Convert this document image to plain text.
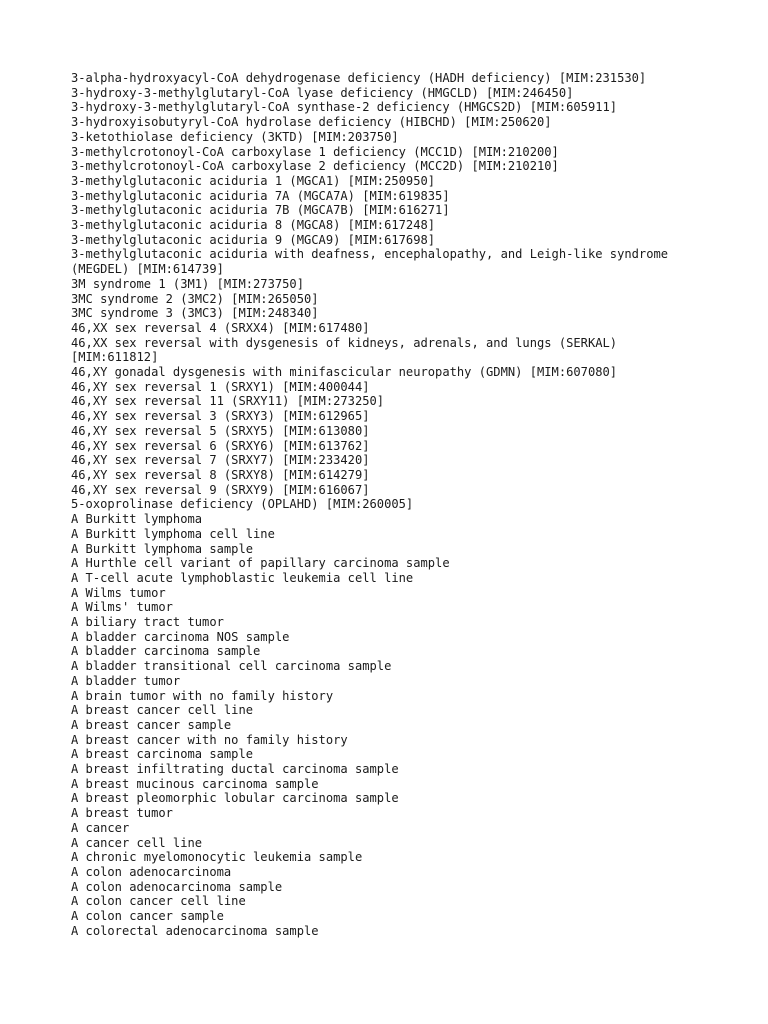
3-alpha-hydroxyacyl-CoA dehydrogenase deficiency (HADH deficiency) [MIM:231530]
3-hydroxy-3-methylglutaryl-CoA lyase deficiency (HMGCLD) [MIM:246450]
3-hydroxy-3-methylglutaryl-CoA synthase-2 deficiency (HMGCS2D) [MIM:605911]
3-hydroxyisobutyryl-CoA hydrolase deficiency (HIBCHD) [MIM:250620]
3-ketothiolase deficiency (3KTD) [MIM:203750]
3-methylcrotonoyl-CoA carboxylase 1 deficiency (MCC1D) [MIM:210200]
3-methylcrotonoyl-CoA carboxylase 2 deficiency (MCC2D) [MIM:210210]
3-methylglutaconic aciduria 1 (MGCA1) [MIM:250950]
3-methylglutaconic aciduria 7A (MGCA7A) [MIM:619835]
3-methylglutaconic aciduria 7B (MGCA7B) [MIM:616271]
3-methylglutaconic aciduria 8 (MGCA8) [MIM:617248]
3-methylglutaconic aciduria 9 (MGCA9) [MIM:617698]
3-methylglutaconic aciduria with deafness, encephalopathy, and Leigh-like syndrome (MEGDEL) [MIM:614739]
3M syndrome 1 (3M1) [MIM:273750]
3MC syndrome 2 (3MC2) [MIM:265050]
3MC syndrome 3 (3MC3) [MIM:248340]
46,XX sex reversal 4 (SRXX4) [MIM:617480]
46,XX sex reversal with dysgenesis of kidneys, adrenals, and lungs (SERKAL) [MIM:611812]
46,XY gonadal dysgenesis with minifascicular neuropathy (GDMN) [MIM:607080]
46,XY sex reversal 1 (SRXY1) [MIM:400044]
46,XY sex reversal 11 (SRXY11) [MIM:273250]
46,XY sex reversal 3 (SRXY3) [MIM:612965]
46,XY sex reversal 5 (SRXY5) [MIM:613080]
46,XY sex reversal 6 (SRXY6) [MIM:613762]
46,XY sex reversal 7 (SRXY7) [MIM:233420]
46,XY sex reversal 8 (SRXY8) [MIM:614279]
46,XY sex reversal 9 (SRXY9) [MIM:616067]
5-oxoprolinase deficiency (OPLAHD) [MIM:260005]
A Burkitt lymphoma
A Burkitt lymphoma cell line
A Burkitt lymphoma sample
A Hurthle cell variant of papillary carcinoma sample
A T-cell acute lymphoblastic leukemia cell line
A Wilms tumor
A Wilms' tumor
A biliary tract tumor
A bladder carcinoma NOS sample
A bladder carcinoma sample
A bladder transitional cell carcinoma sample
A bladder tumor
A brain tumor with no family history
A breast cancer cell line
A breast cancer sample
A breast cancer with no family history
A breast carcinoma sample
A breast infiltrating ductal carcinoma sample
A breast mucinous carcinoma sample
A breast pleomorphic lobular carcinoma sample
A breast tumor
A cancer
A cancer cell line
A chronic myelomonocytic leukemia sample
A colon adenocarcinoma
A colon adenocarcinoma sample
A colon cancer cell line
A colon cancer sample
A colorectal adenocarcinoma sample
